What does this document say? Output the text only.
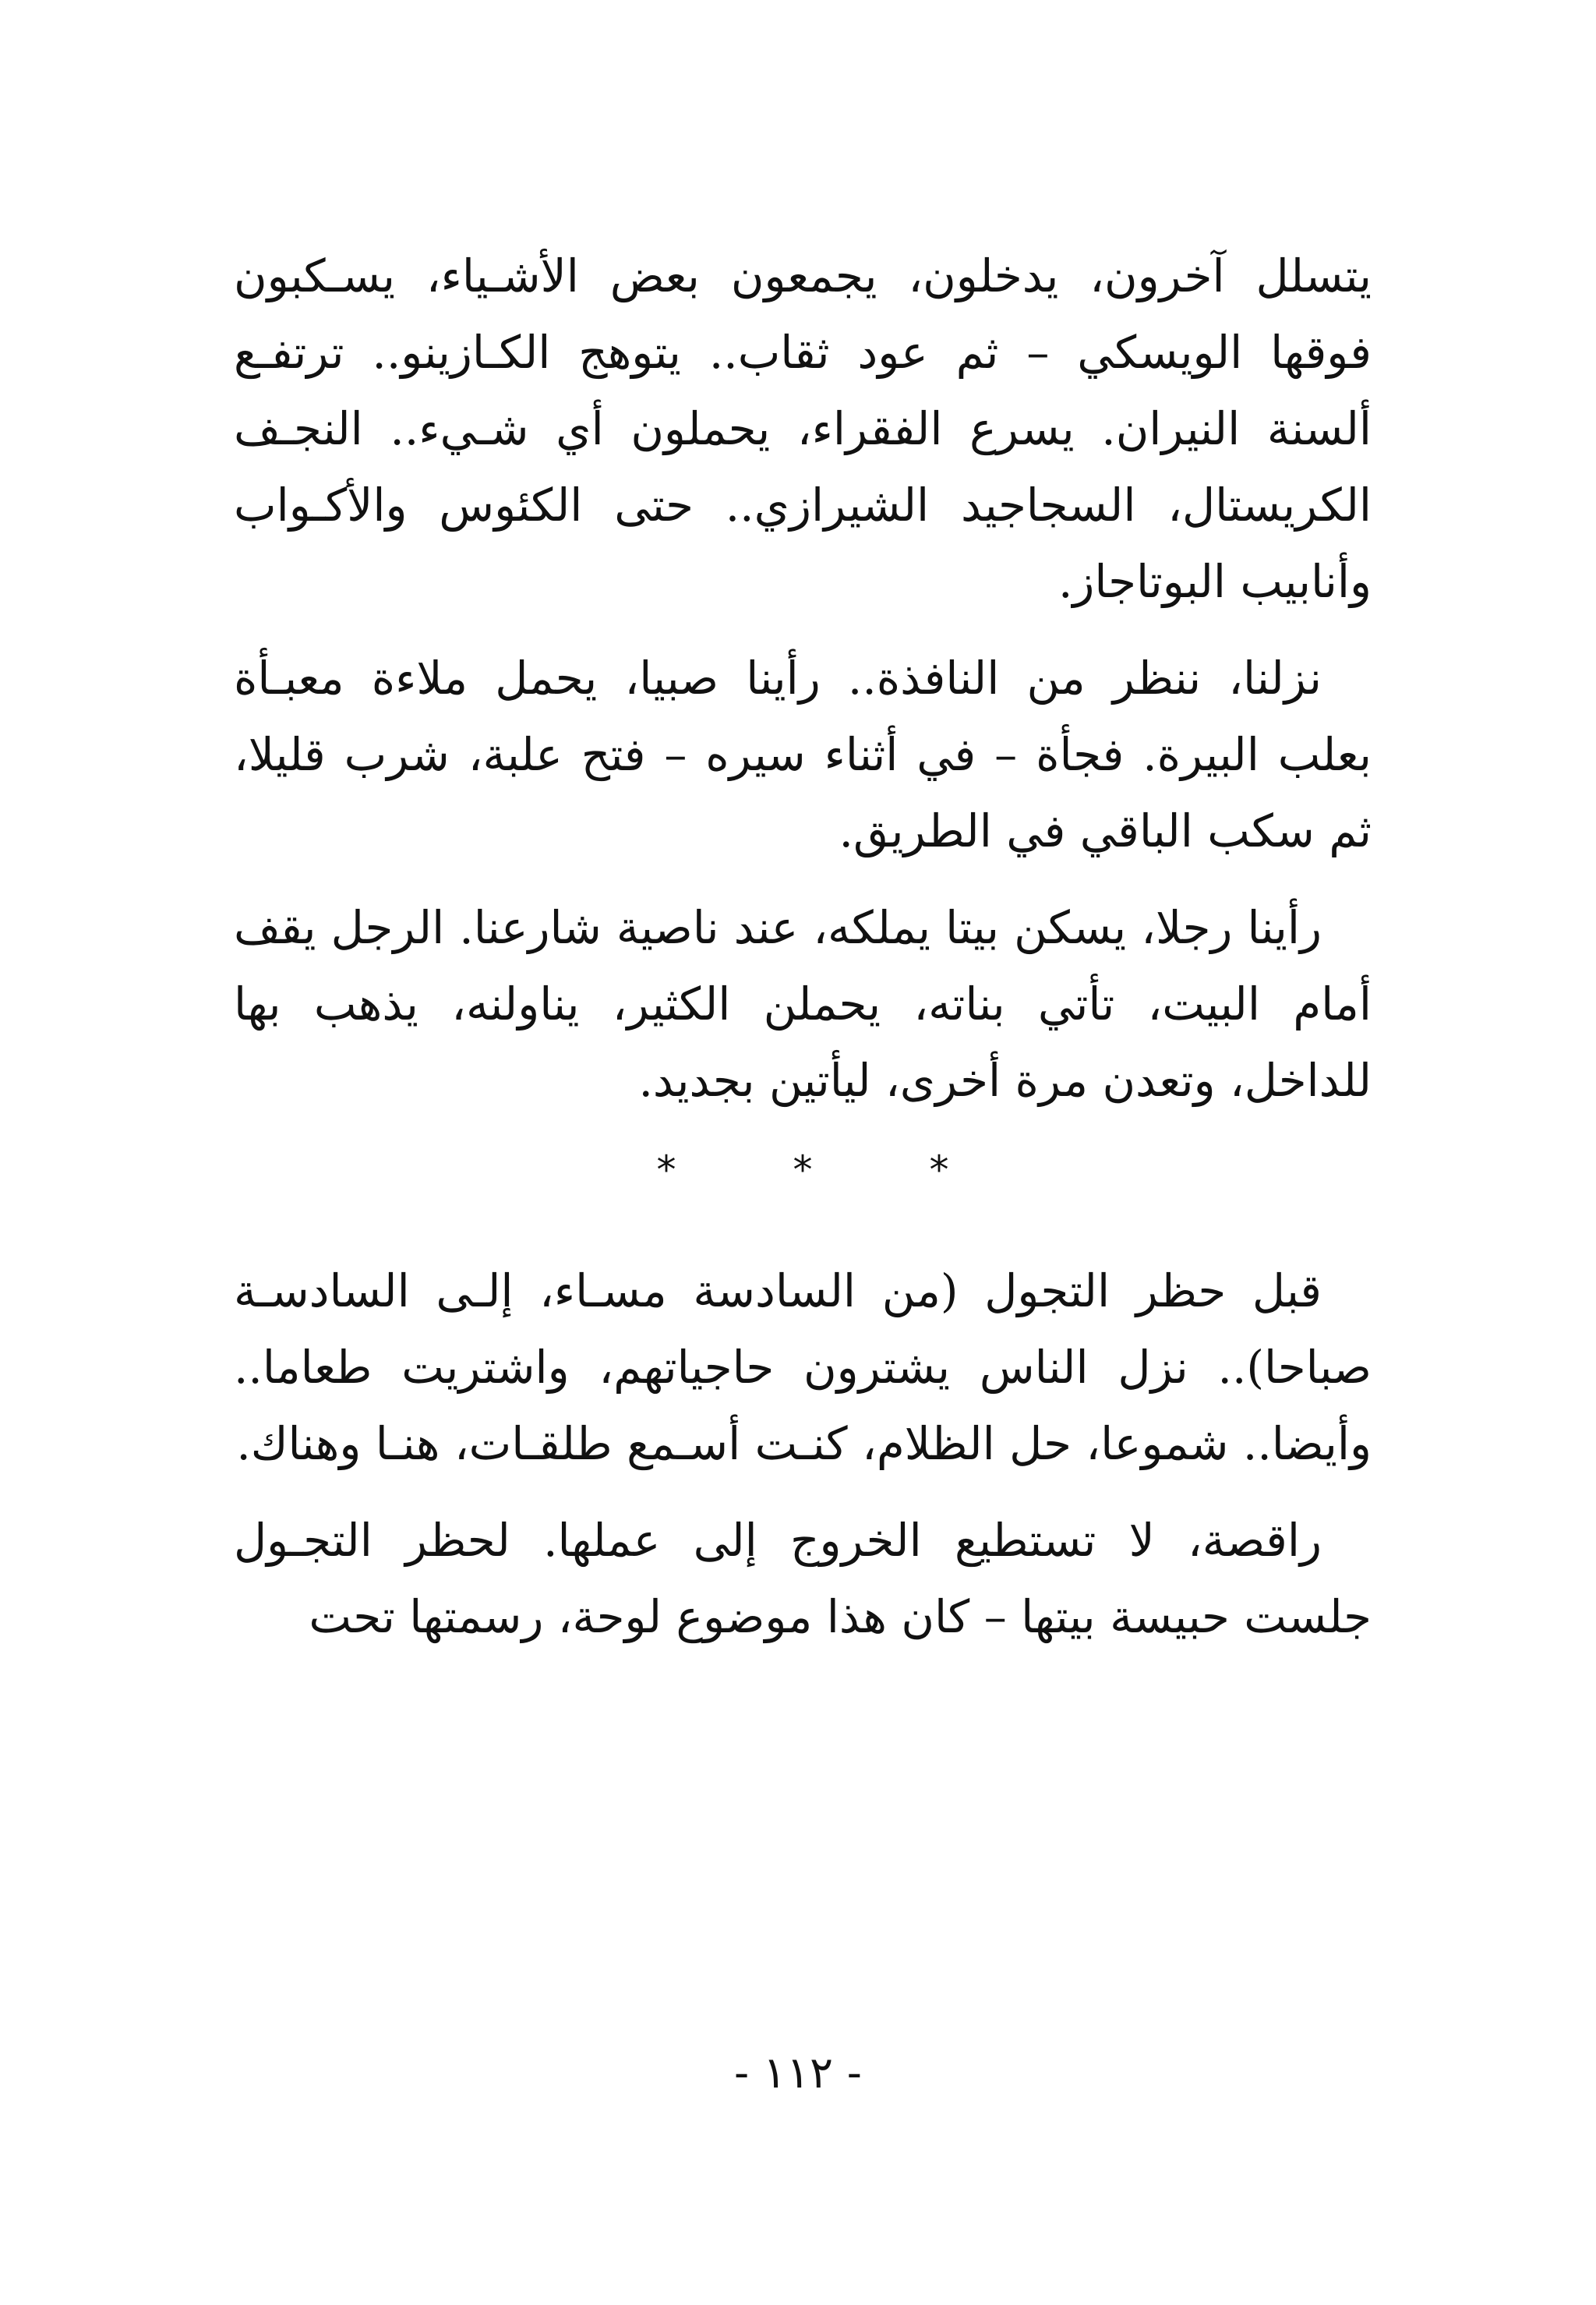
يتسلل آخرون، يدخلون، يجمعون بعض الأشـياء، يسـكبون فوقها الويسكي – ثم عود ثقاب.. يتوهج الكـازينو.. ترتفـع ألسنة النيران. يسرع الفقراء، يحملون أي شـيء.. النجـف الكريستال، السجاجيد الشيرازي.. حتى الكئوس والأكـواب وأنابيب البوتاجاز.

نزلنا، ننظر من النافذة.. رأينا صبيا، يحمل ملاءة معبـأة بعلب البيرة. فجأة – في أثناء سيره – فتح علبة، شرب قليلا، ثم سكب الباقي في الطريق.

رأينا رجلا، يسكن بيتا يملكه، عند ناصية شارعنا. الرجل يقف أمام البيت، تأتي بناته، يحملن الكثير، يناولنه، يذهب بها للداخل، وتعدن مرة أخرى، ليأتين بجديد.

*	*	*

قبل حظر التجول (من السادسة مسـاء، إلـى السادسـة صباحا).. نزل الناس يشترون حاجياتهم، واشتريت طعاما.. وأيضا.. شموعا، حل الظلام، كنـت أسـمع طلقـات، هنـا وهناك.

راقصة، لا تستطيع الخروج إلى عملها. لحظر التجـول جلست حبيسة بيتها – كان هذا موضوع لوحة، رسمتها تحت

- ١١٢ -
